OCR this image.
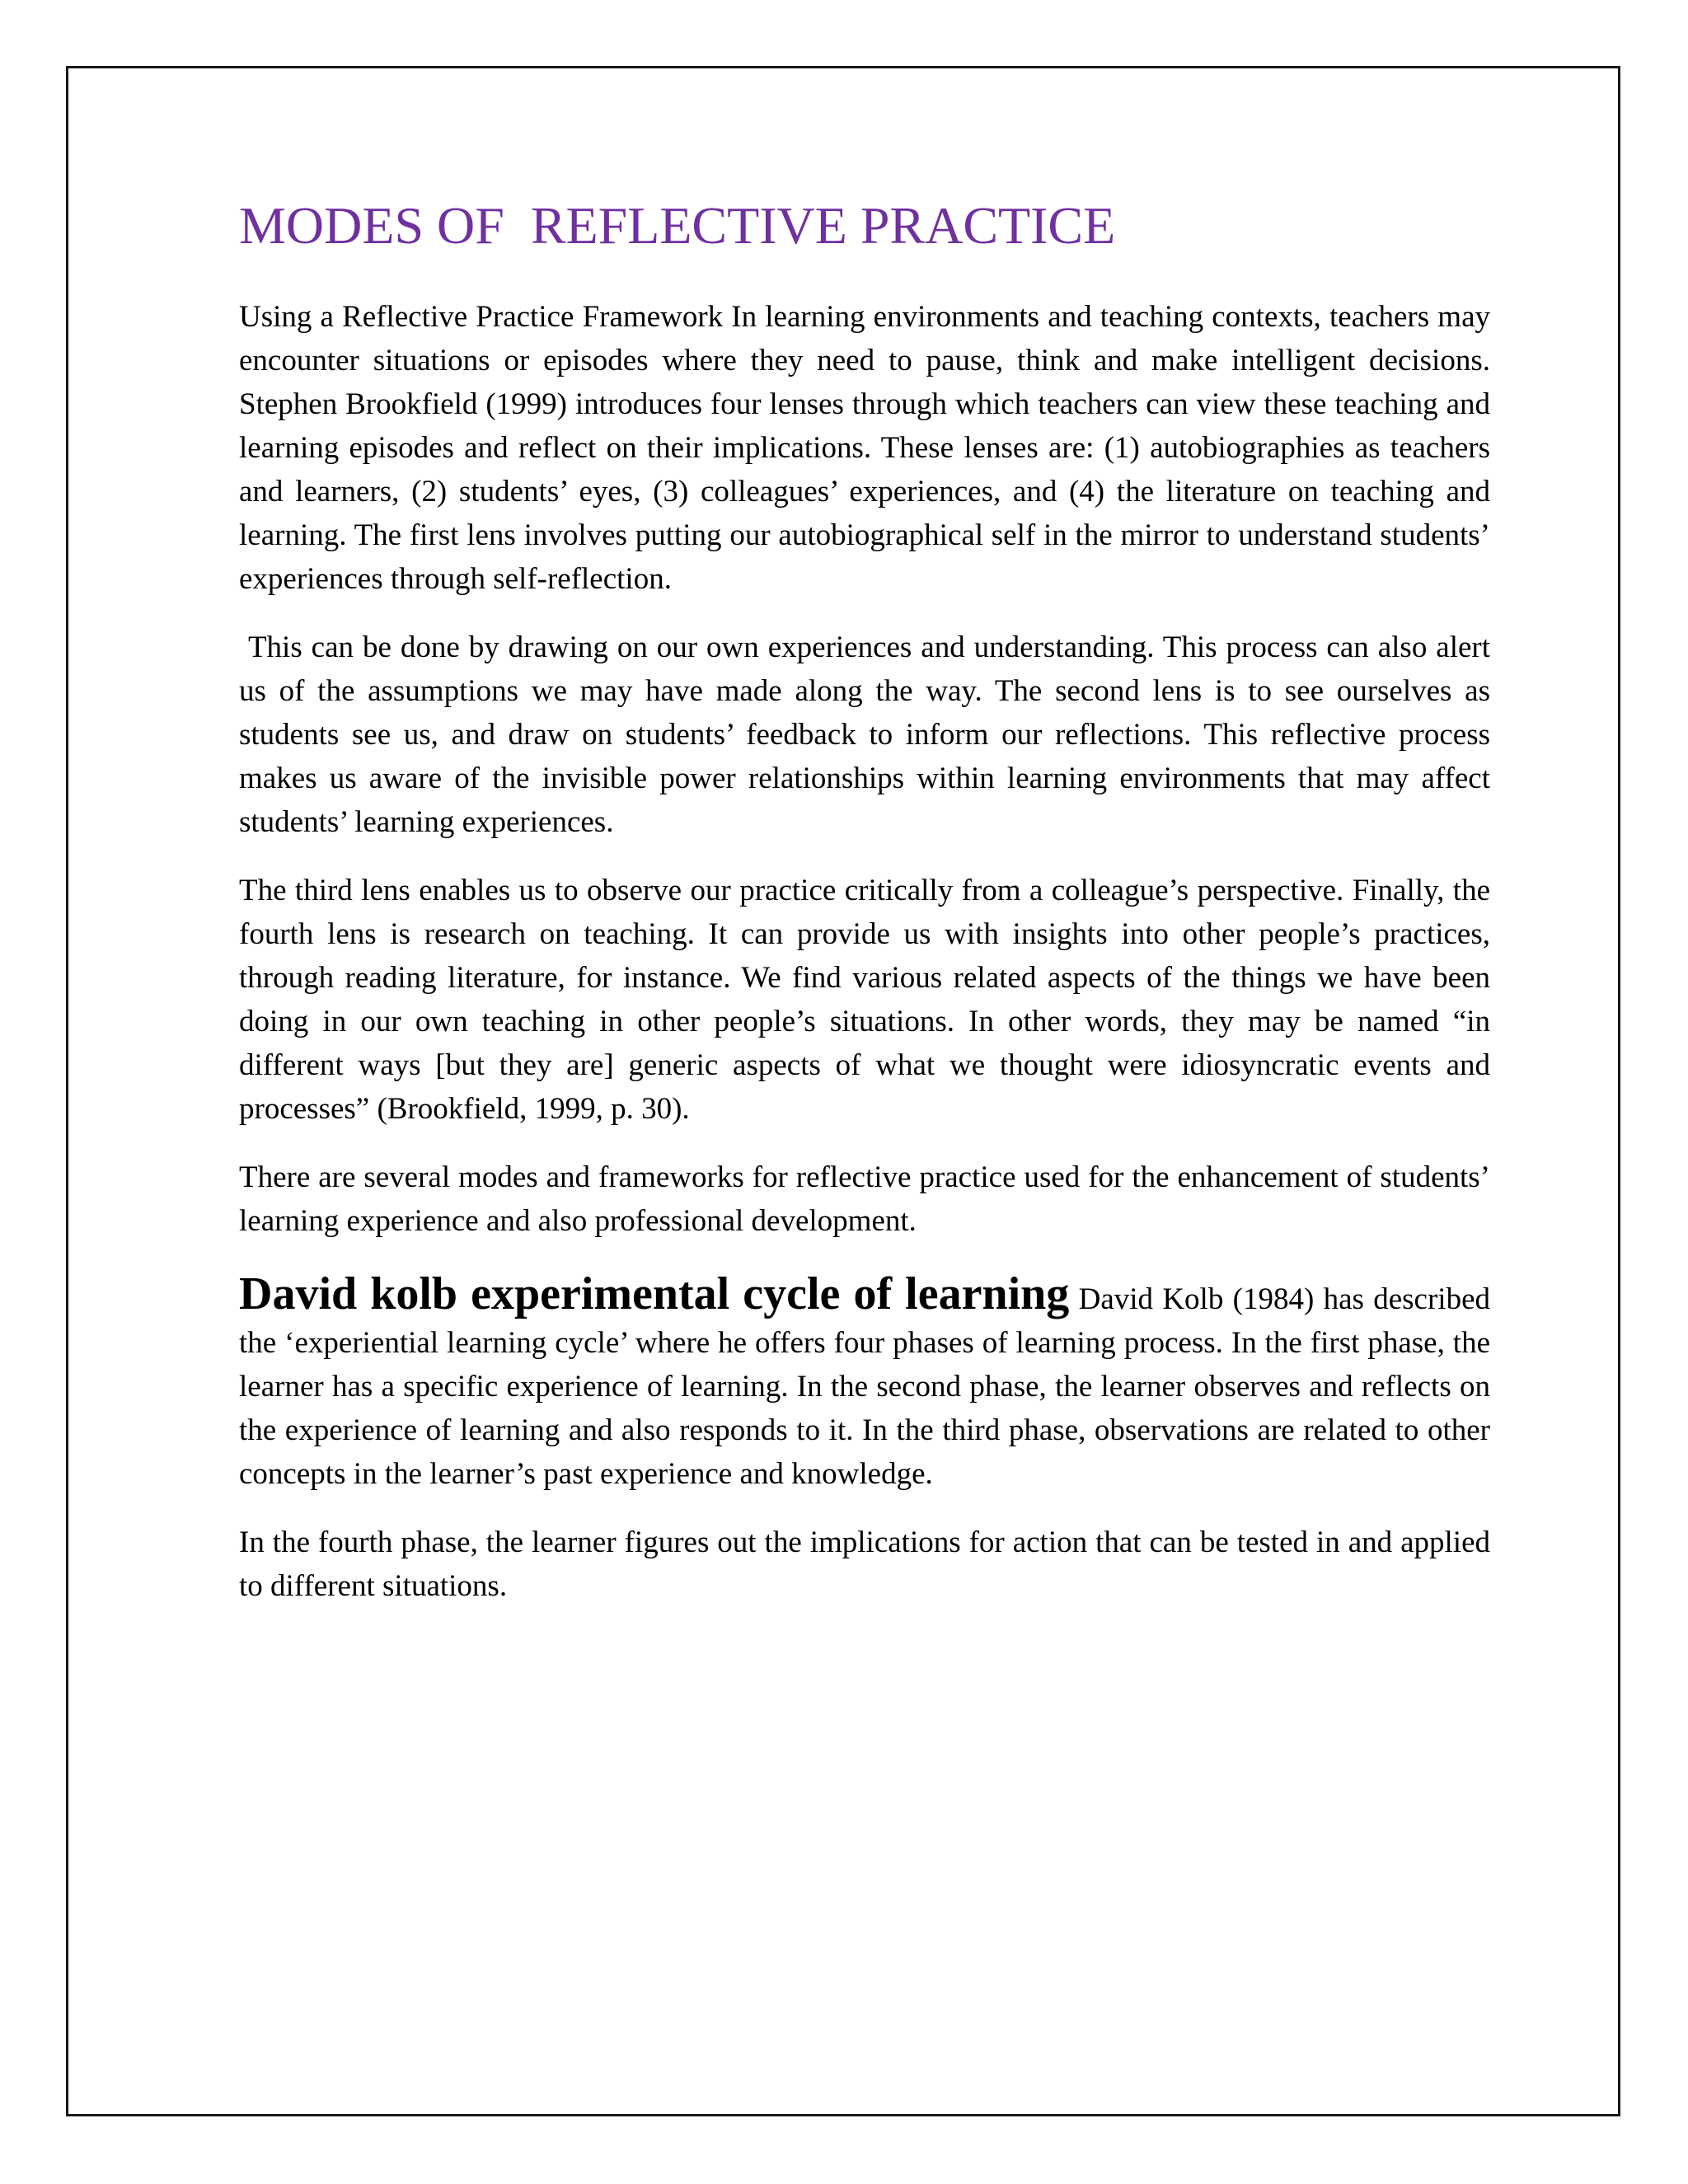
MODES OF  REFLECTIVE PRACTICE

Using a Reflective Practice Framework In learning environments and teaching contexts, teachers may encounter situations or episodes where they need to pause, think and make intelligent decisions. Stephen Brookfield (1999) introduces four lenses through which teachers can view these teaching and learning episodes and reflect on their implications. These lenses are: (1) autobiographies as teachers and learners, (2) students’ eyes, (3) colleagues’ experiences, and (4) the literature on teaching and learning. The first lens involves putting our autobiographical self in the mirror to understand students’ experiences through self-reflection.

This can be done by drawing on our own experiences and understanding. This process can also alert us of the assumptions we may have made along the way. The second lens is to see ourselves as students see us, and draw on students’ feedback to inform our reflections. This reflective process makes us aware of the invisible power relationships within learning environments that may affect students’ learning experiences.

The third lens enables us to observe our practice critically from a colleague’s perspective. Finally, the fourth lens is research on teaching. It can provide us with insights into other people’s practices, through reading literature, for instance. We find various related aspects of the things we have been doing in our own teaching in other people’s situations. In other words, they may be named “in different ways [but they are] generic aspects of what we thought were idiosyncratic events and processes” (Brookfield, 1999, p. 30).

There are several modes and frameworks for reflective practice used for the enhancement of students’ learning experience and also professional development.

David kolb experimental cycle of learning David Kolb (1984) has described the ‘experiential learning cycle’ where he offers four phases of learning process. In the first phase, the learner has a specific experience of learning. In the second phase, the learner observes and reflects on the experience of learning and also responds to it. In the third phase, observations are related to other concepts in the learner’s past experience and knowledge.

In the fourth phase, the learner figures out the implications for action that can be tested in and applied to different situations.
